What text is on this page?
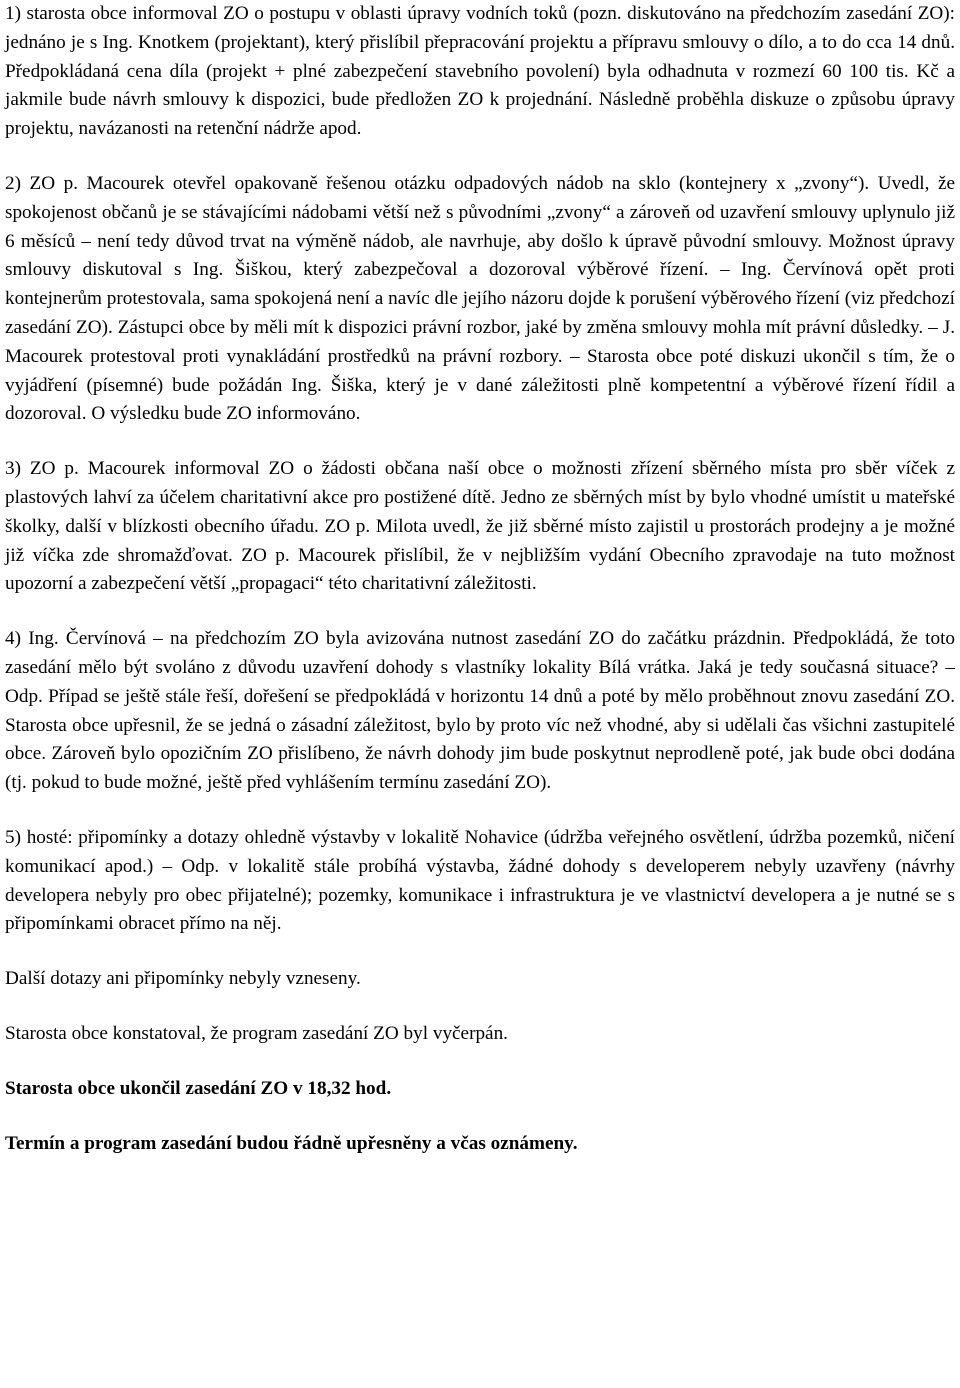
1) starosta obce informoval ZO o postupu v oblasti úpravy vodních toků (pozn. diskutováno na předchozím zasedání ZO): jednáno je s Ing. Knotkem (projektant), který přislíbil přepracování projektu a přípravu smlouvy o dílo, a to do cca 14 dnů. Předpokládaná cena díla (projekt + plné zabezpečení stavebního povolení) byla odhadnuta v rozmezí 60 100 tis. Kč a jakmile bude návrh smlouvy k dispozici, bude předložen ZO k projednání. Následně proběhla diskuze o způsobu úpravy projektu, navázanosti na retenční nádrže apod.

2) ZO p. Macourek otevřel opakovaně řešenou otázku odpadových nádob na sklo (kontejnery x „zvony“). Uvedl, že spokojenost občanů je se stávajícími nádobami větší než s původními „zvony“ a zároveň od uzavření smlouvy uplynulo již 6 měsíců – není tedy důvod trvat na výměně nádob, ale navrhuje, aby došlo k úpravě původní smlouvy. Možnost úpravy smlouvy diskutoval s Ing. Šiškou, který zabezpečoval a dozoroval výběrové řízení. – Ing. Červínová opět proti kontejnerům protestovala, sama spokojená není a navíc dle jejího názoru dojde k porušení výběrového řízení (viz předchozí zasedání ZO). Zástupci obce by měli mít k dispozici právní rozbor, jaké by změna smlouvy mohla mít právní důsledky. – J. Macourek protestoval proti vynakládání prostředků na právní rozbory. – Starosta obce poté diskuzi ukončil s tím, že o vyjádření (písemné) bude požádán Ing. Šiška, který je v dané záležitosti plně kompetentní a výběrové řízení řídil a dozoroval. O výsledku bude ZO informováno.

3) ZO p. Macourek informoval ZO o žádosti občana naší obce o možnosti zřízení sběrného místa pro sběr víček z plastových lahví za účelem charitativní akce pro postižené dítě. Jedno ze sběrných míst by bylo vhodné umístit u mateřské školky, další v blízkosti obecního úřadu. ZO p. Milota uvedl, že již sběrné místo zajistil u prostorách prodejny a je možné již víčka zde shromažďovat. ZO p. Macourek přislíbil, že v nejbližším vydání Obecního zpravodaje na tuto možnost upozorní a zabezpečení větší „propagaci“ této charitativní záležitosti.

4) Ing. Červínová – na předchozím ZO byla avizována nutnost zasedání ZO do začátku prázdnin. Předpokládá, že toto zasedání mělo být svoláno z důvodu uzavření dohody s vlastníky lokality Bílá vrátka. Jaká je tedy současná situace? – Odp. Případ se ještě stále řeší, dořešení se předpokládá v horizontu 14 dnů a poté by mělo proběhnout znovu zasedání ZO. Starosta obce upřesnil, že se jedná o zásadní záležitost, bylo by proto víc než vhodné, aby si udělali čas všichni zastupitelé obce. Zároveň bylo opozičním ZO přislíbeno, že návrh dohody jim bude poskytnut neprodleně poté, jak bude obci dodána (tj. pokud to bude možné, ještě před vyhlášením termínu zasedání ZO).

5) hosté: připomínky a dotazy ohledně výstavby v lokalitě Nohavice (údržba veřejného osvětlení, údržba pozemků, ničení komunikací apod.) – Odp. v lokalitě stále probíhá výstavba, žádné dohody s developerem nebyly uzavřeny (návrhy developera nebyly pro obec přijatelné); pozemky, komunikace i infrastruktura je ve vlastnictví developera a je nutné se s připomínkami obracet přímo na něj.

Další dotazy ani připomínky nebyly vzneseny.

Starosta obce konstatoval, že program zasedání ZO byl vyčerpán.

Starosta obce ukončil zasedání ZO v 18,32 hod.

Termín a program zasedání budou řádně upřesněny a včas oznámeny.
